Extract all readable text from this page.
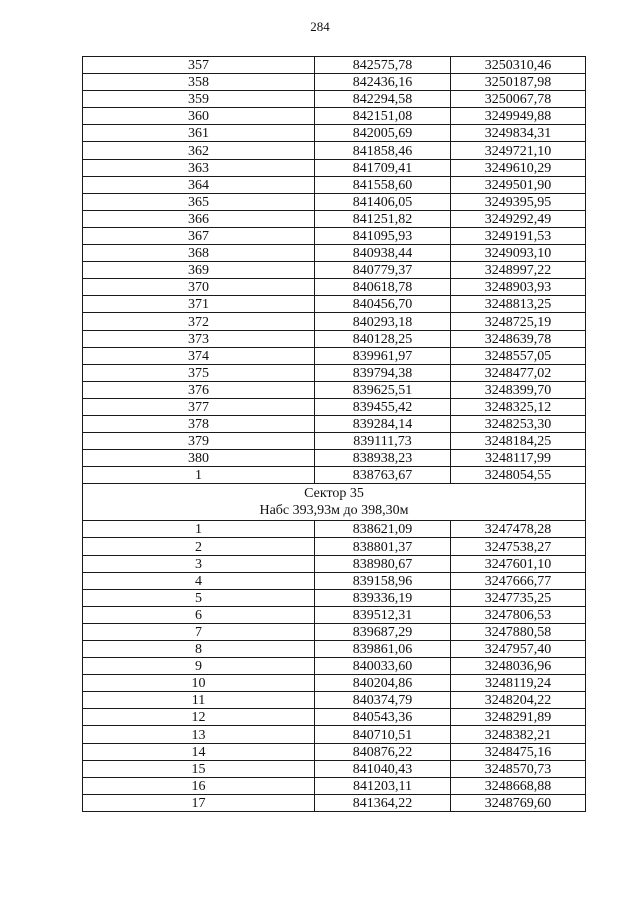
284
357	842575,78	3250310,46
358	842436,16	3250187,98
359	842294,58	3250067,78
360	842151,08	3249949,88
361	842005,69	3249834,31
362	841858,46	3249721,10
363	841709,41	3249610,29
364	841558,60	3249501,90
365	841406,05	3249395,95
366	841251,82	3249292,49
367	841095,93	3249191,53
368	840938,44	3249093,10
369	840779,37	3248997,22
370	840618,78	3248903,93
371	840456,70	3248813,25
372	840293,18	3248725,19
373	840128,25	3248639,78
374	839961,97	3248557,05
375	839794,38	3248477,02
376	839625,51	3248399,70
377	839455,42	3248325,12
378	839284,14	3248253,30
379	839111,73	3248184,25
380	838938,23	3248117,99
1	838763,67	3248054,55

Сектор 35
Набс 393,93м до 398,30м		

1	838621,09	3247478,28
2	838801,37	3247538,27
3	838980,67	3247601,10
4	839158,96	3247666,77
5	839336,19	3247735,25
6	839512,31	3247806,53
7	839687,29	3247880,58
8	839861,06	3247957,40
9	840033,60	3248036,96
10	840204,86	3248119,24
11	840374,79	3248204,22
12	840543,36	3248291,89
13	840710,51	3248382,21
14	840876,22	3248475,16
15	841040,43	3248570,73
16	841203,11	3248668,88
17	841364,22	3248769,60
